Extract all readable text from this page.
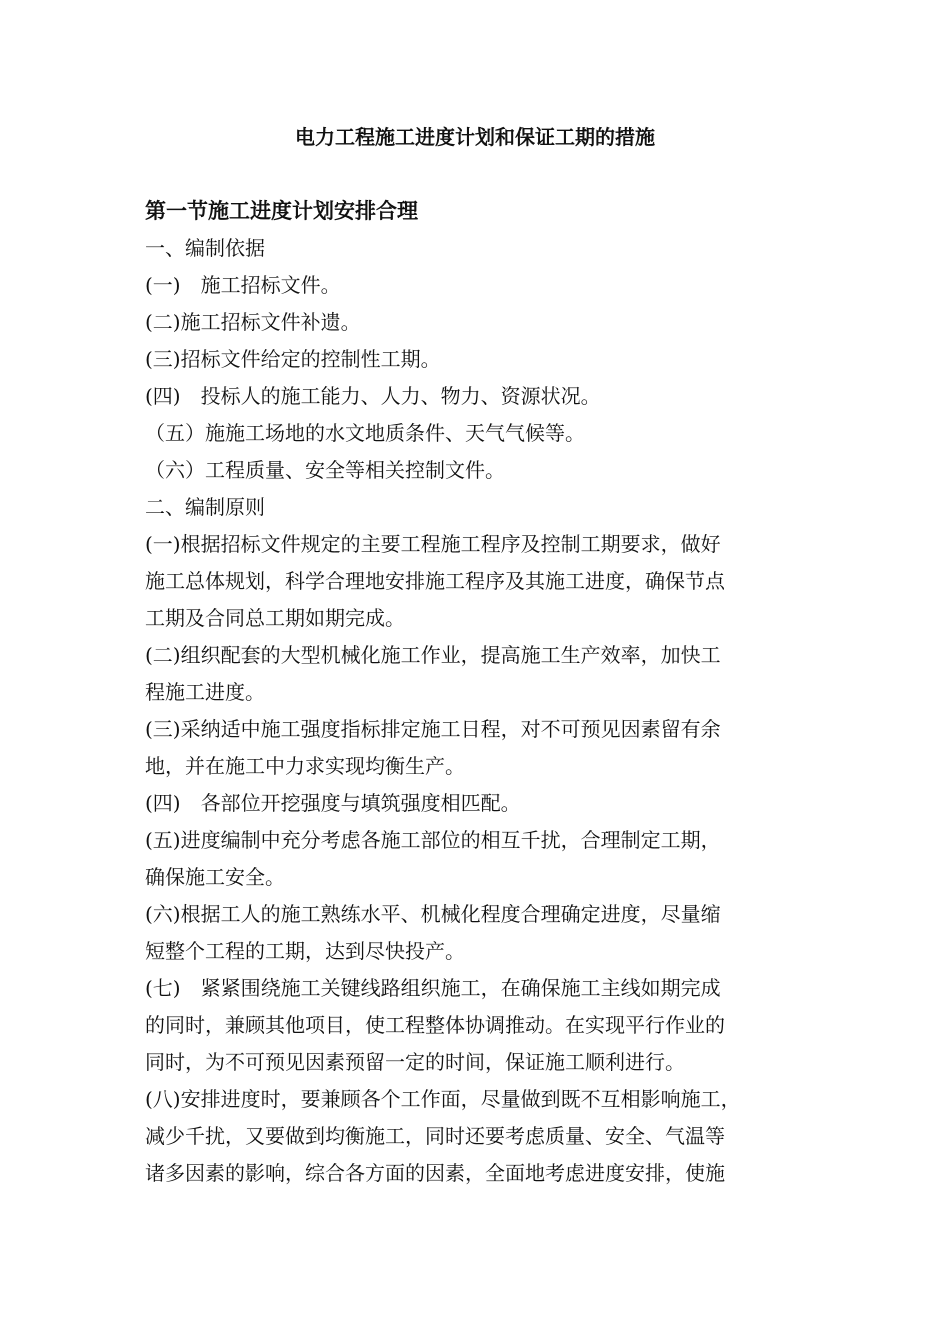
电力工程施工进度计划和保证工期的措施

第一节施工进度计划安排合理

一、编制依据

(一)　施工招标文件。

(二)施工招标文件补遗。

(三)招标文件给定的控制性工期。

(四)　投标人的施工能力、人力、物力、资源状况。

（五）施施工场地的水文地质条件、天气气候等。

（六）工程质量、安全等相关控制文件。

二、编制原则

(一)根据招标文件规定的主要工程施工程序及控制工期要求，做好

施工总体规划，科学合理地安排施工程序及其施工进度，确保节点

工期及合同总工期如期完成。

(二)组织配套的大型机械化施工作业，提高施工生产效率，加快工

程施工进度。

(三)采纳适中施工强度指标排定施工日程，对不可预见因素留有余

地，并在施工中力求实现均衡生产。

(四)　各部位开挖强度与填筑强度相匹配。

(五)进度编制中充分考虑各施工部位的相互千扰，合理制定工期，

确保施工安全。

(六)根据工人的施工熟练水平、机械化程度合理确定进度，尽量缩

短整个工程的工期，达到尽快投产。

(七)　紧紧围绕施工关键线路组织施工，在确保施工主线如期完成

的同时，兼顾其他项目，使工程整体协调推动。在实现平行作业的

同时，为不可预见因素预留一定的时间，保证施工顺利进行。

(八)安排进度时，要兼顾各个工作面，尽量做到既不互相影响施工，

减少千扰，又要做到均衡施工，同时还要考虑质量、安全、气温等

诸多因素的影响，综合各方面的因素，全面地考虑进度安排，使施
